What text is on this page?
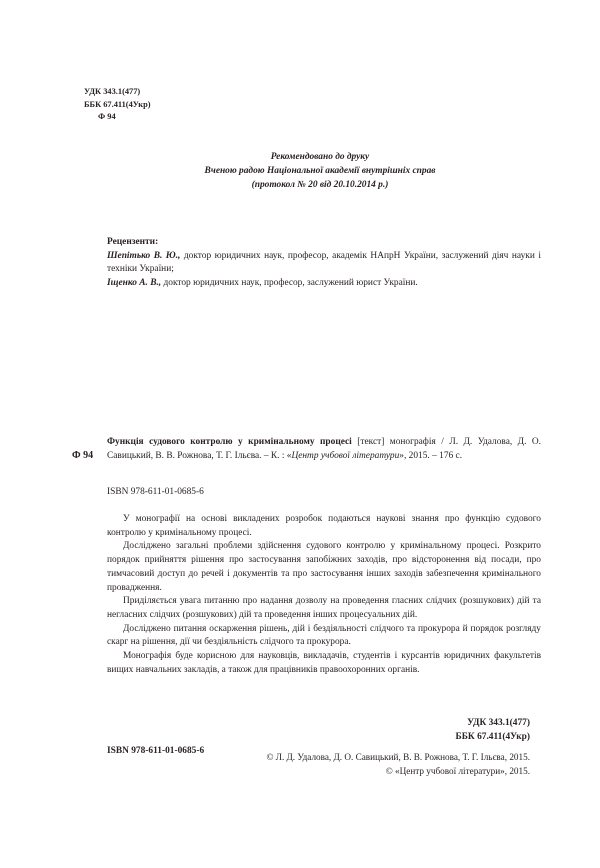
УДК 343.1(477)
ББК 67.411(4Укр)
Ф 94
Рекомендовано до друку
Вченою радою Національної академії внутрішніх справ
(протокол № 20 від 20.10.2014 р.)
Рецензенти:
Шепітько В. Ю., доктор юридичних наук, професор, академік НАпрН України, заслужений діяч науки і техніки України;
Іщенко А. В., доктор юридичних наук, професор, заслужений юрист України.
Ф 94
Функція судового контролю у кримінальному процесі [текст] монографія / Л. Д. Удалова, Д. О. Савицький, В. В. Рожнова, Т. Г. Ільєва. – К. : «Центр учбової літератури», 2015. – 176 с.
ISBN 978-611-01-0685-6

У монографії на основі викладених розробок подаються наукові знання про функцію судового контролю у кримінальному процесі.

Досліджено загальні проблеми здійснення судового контролю у кримінальному процесі. Розкрито порядок прийняття рішення про застосування запобіжних заходів, про відсторонення від посади, про тимчасовий доступ до речей і документів та про застосування інших заходів забезпечення кримінального провадження.

Приділяється увага питанню про надання дозволу на проведення гласних слідчих (розшукових) дій та негласних слідчих (розшукових) дій та проведення інших процесуальних дій.

Досліджено питання оскарження рішень, дій і бездіяльності слідчого та прокурора й порядок розгляду скарг на рішення, дії чи бездіяльність слідчого та прокурора.

Монографія буде корисною для науковців, викладачів, студентів і курсантів юридичних факультетів вищих навчальних закладів, а також для працівників правоохоронних органів.

УДК 343.1(477)
ББК 67.411(4Укр)
ISBN 978-611-01-0685-6
© Л. Д. Удалова, Д. О. Савицький, В. В. Рожнова, Т. Г. Ільєва, 2015.
© «Центр учбової літератури», 2015.
